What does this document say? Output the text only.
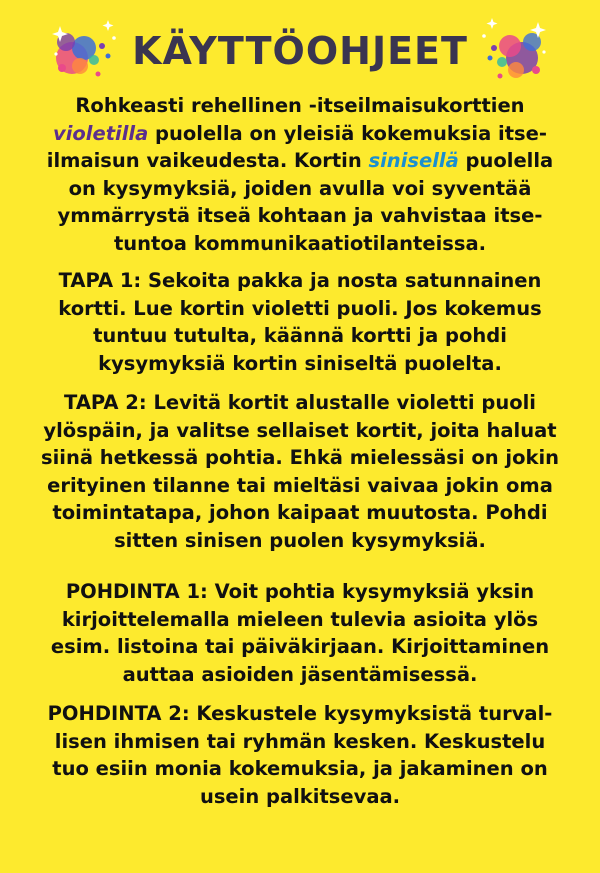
KÄYTTÖOHJEET

Rohkeasti rehellinen -itseilmaisukorttien violetilla puolella on yleisiä kokemuksia itseilmaisun vaikeudesta. Kortin sinisellä puolella on kysymyksiä, joiden avulla voi syventää ymmärrystä itseä kohtaan ja vahvistaa itsetuntoa kommunikaatiotilanteissa.

TAPA 1: Sekoita pakka ja nosta satunnainen kortti. Lue kortin violetti puoli. Jos kokemus tuntuu tutulta, käännä kortti ja pohdi kysymyksiä kortin siniseltä puolelta.

TAPA 2: Levitä kortit alustalle violetti puoli ylöspäin, ja valitse sellaiset kortit, joita haluat siinä hetkessä pohtia. Ehkä mielessäsi on jokin erityinen tilanne tai mieltäsi vaivaa jokin oma toimintatapa, johon kaipaat muutosta. Pohdi sitten sinisen puolen kysymyksiä.

POHDINTA 1: Voit pohtia kysymyksiä yksin kirjoittelemalla mieleen tulevia asioita ylös esim. listoina tai päiväkirjaan. Kirjoittaminen auttaa asioiden jäsentämisessä.

POHDINTA 2: Keskustele kysymyksistä turvallisen ihmisen tai ryhmän kesken. Keskustelu tuo esiin monia kokemuksia, ja jakaminen on usein palkitsevaa.
